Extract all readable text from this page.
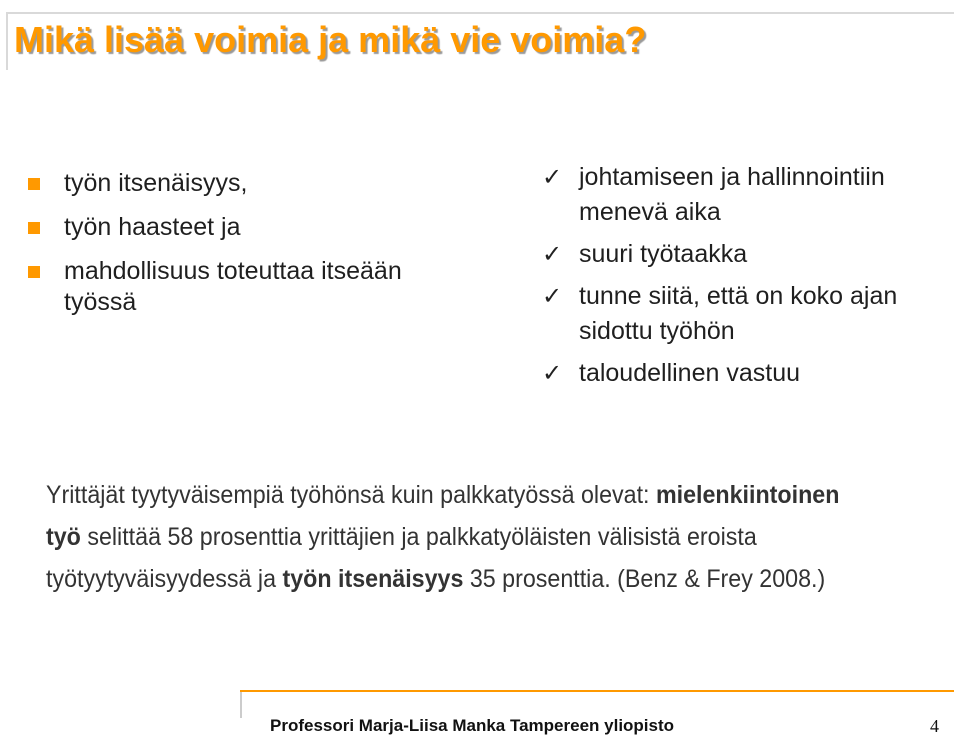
Mikä lisää voimia ja mikä vie voimia?
työn itsenäisyys,
työn haasteet ja
mahdollisuus toteuttaa itseään työssä
✓ johtamiseen ja hallinnointiin menevä aika
✓ suuri työtaakka
✓ tunne siitä, että on koko ajan sidottu työhön
✓ taloudellinen vastuu

Yrittäjät tyytyväisempiä työhönsä kuin palkkatyössä olevat: mielenkiintoinen työ selittää 58 prosenttia yrittäjien ja palkkatyöläisten välisistä eroista työtyytyväisyydessä ja työn itsenäisyys 35 prosenttia. (Benz & Frey 2008.)

Professori Marja-Liisa Manka Tampereen yliopisto	4
